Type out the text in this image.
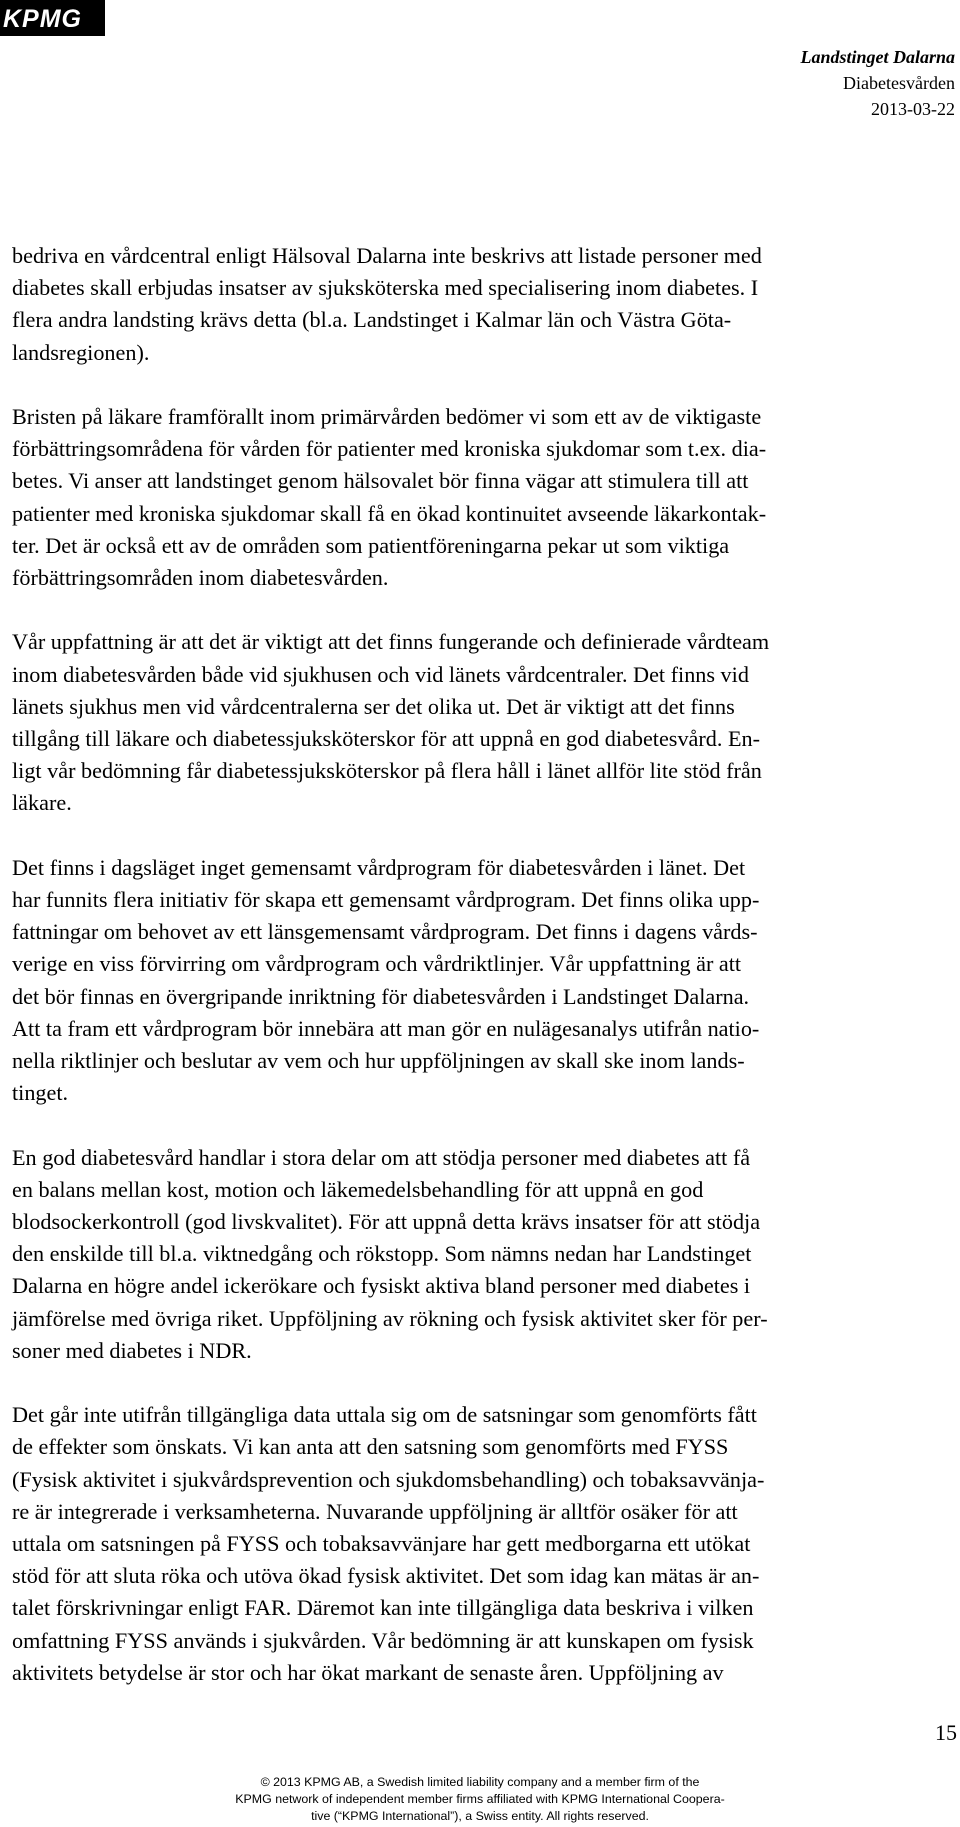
KPMG
Landstinget Dalarna
Diabetesvården
2013-03-22

bedriva en vårdcentral enligt Hälsoval Dalarna inte beskrivs att listade personer med
diabetes skall erbjudas insatser av sjuksköterska med specialisering inom diabetes. I
flera andra landsting krävs detta (bl.a. Landstinget i Kalmar län och Västra Göta-
landsregionen).

Bristen på läkare framförallt inom primärvården bedömer vi som ett av de viktigaste
förbättringsområdena för vården för patienter med kroniska sjukdomar som t.ex. dia-
betes. Vi anser att landstinget genom hälsovalet bör finna vägar att stimulera till att
patienter med kroniska sjukdomar skall få en ökad kontinuitet avseende läkarkontak-
ter. Det är också ett av de områden som patientföreningarna pekar ut som viktiga
förbättringsområden inom diabetesvården.

Vår uppfattning är att det är viktigt att det finns fungerande och definierade vårdteam
inom diabetesvården både vid sjukhusen och vid länets vårdcentraler. Det finns vid
länets sjukhus men vid vårdcentralerna ser det olika ut. Det är viktigt att det finns
tillgång till läkare och diabetessjuksköterskor för att uppnå en god diabetesvård. En-
ligt vår bedömning får diabetessjuksköterskor på flera håll i länet allför lite stöd från
läkare.

Det finns i dagsläget inget gemensamt vårdprogram för diabetesvården i länet. Det
har funnits flera initiativ för skapa ett gemensamt vårdprogram. Det finns olika upp-
fattningar om behovet av ett länsgemensamt vårdprogram. Det finns i dagens vårds-
verige en viss förvirring om vårdprogram och vårdriktlinjer. Vår uppfattning är att
det bör finnas en övergripande inriktning för diabetesvården i Landstinget Dalarna.
Att ta fram ett vårdprogram bör innebära att man gör en nulägesanalys utifrån natio-
nella riktlinjer och beslutar av vem och hur uppföljningen av skall ske inom lands-
tinget.

En god diabetesvård handlar i stora delar om att stödja personer med diabetes att få
en balans mellan kost, motion och läkemedelsbehandling för att uppnå en god
blodsockerkontroll (god livskvalitet). För att uppnå detta krävs insatser för att stödja
den enskilde till bl.a. viktnedgång och rökstopp. Som nämns nedan har Landstinget
Dalarna en högre andel ickerökare och fysiskt aktiva bland personer med diabetes i
jämförelse med övriga riket. Uppföljning av rökning och fysisk aktivitet sker för per-
soner med diabetes i NDR.

Det går inte utifrån tillgängliga data uttala sig om de satsningar som genomförts fått
de effekter som önskats. Vi kan anta att den satsning som genomförts med FYSS
(Fysisk aktivitet i sjukvårdsprevention och sjukdomsbehandling) och tobaksavvänja-
re är integrerade i verksamheterna. Nuvarande uppföljning är alltför osäker för att
uttala om satsningen på FYSS och tobaksavvänjare har gett medborgarna ett utökat
stöd för att sluta röka och utöva ökad fysisk aktivitet. Det som idag kan mätas är an-
talet förskrivningar enligt FAR. Däremot kan inte tillgängliga data beskriva i vilken
omfattning FYSS används i sjukvården. Vår bedömning är att kunskapen om fysisk
aktivitets betydelse är stor och har ökat markant de senaste åren. Uppföljning av

15
© 2013 KPMG AB, a Swedish limited liability company and a member firm of the
KPMG network of independent member firms affiliated with KPMG International Coopera-
tive (“KPMG International”), a Swiss entity. All rights reserved.
